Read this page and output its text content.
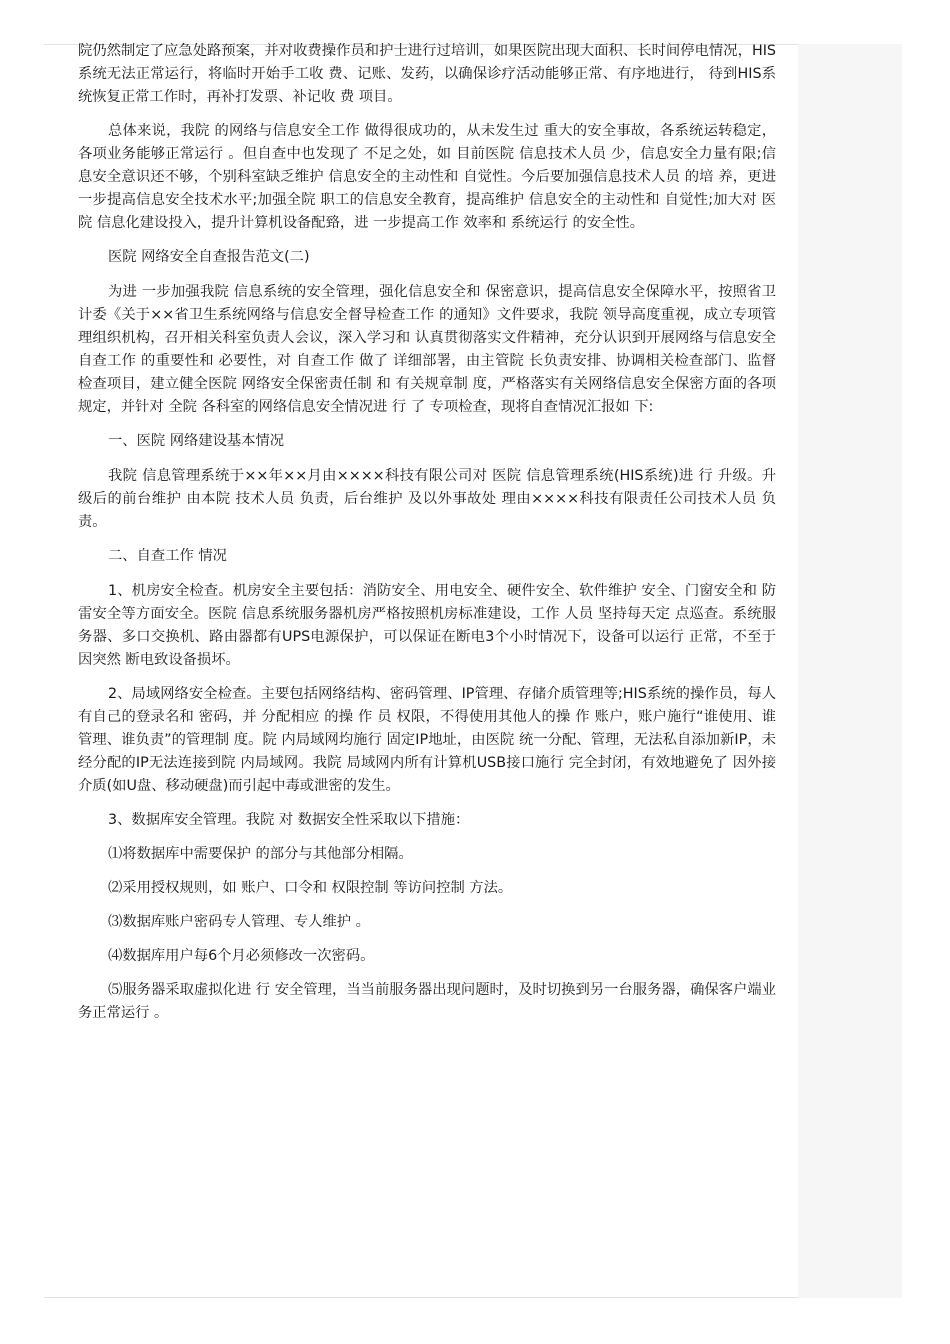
院仍然制定了应急处路预案，并对收费操作员和护士进行过培训，如果医院出现大面积、长时间停电情况，HIS系统无法正常运行，将临时开始手工收 费、记账、发药，以确保诊疗活动能够正常、有序地进行， 待到HIS系统恢复正常工作时，再补打发票、补记收 费 项目。

总体来说，我院 的网络与信息安全工作 做得很成功的，从未发生过 重大的安全事故，各系统运转稳定，各项业务能够正常运行 。但自查中也发现了 不足之处，如 目前医院 信息技术人员 少，信息安全力量有限;信息安全意识还不够，个别科室缺乏维护 信息安全的主动性和 自觉性。今后要加强信息技术人员 的培 养，更进 一步提高信息安全技术水平;加强全院 职工的信息安全教育，提高维护 信息安全的主动性和 自觉性;加大对 医院 信息化建设投入，提升计算机设备配臵，进 一步提高工作 效率和 系统运行 的安全性。

医院 网络安全自查报告范文(二)

为进 一步加强我院 信息系统的安全管理，强化信息安全和 保密意识，提高信息安全保障水平，按照省卫计委《关于××省卫生系统网络与信息安全督导检查工作 的通知》文件要求，我院 领导高度重视，成立专项管理组织机构，召开相关科室负责人会议，深入学习和 认真贯彻落实文件精神，充分认识到开展网络与信息安全自查工作 的重要性和 必要性，对 自查工作 做了 详细部署，由主管院 长负责安排、协调相关检查部门、监督检查项目，建立健全医院 网络安全保密责任制 和 有关规章制 度，严格落实有关网络信息安全保密方面的各项规定，并针对 全院 各科室的网络信息安全情况进 行 了 专项检查，现将自查情况汇报如 下:

一、医院 网络建设基本情况

我院 信息管理系统于××年××月由××××科技有限公司对 医院 信息管理系统(HIS系统)进 行 升级。升级后的前台维护 由本院 技术人员 负责，后台维护 及以外事故处 理由××××科技有限责任公司技术人员 负责。

二、自查工作 情况

1、机房安全检查。机房安全主要包括：消防安全、用电安全、硬件安全、软件维护 安全、门窗安全和 防雷安全等方面安全。医院 信息系统服务器机房严格按照机房标准建设，工作 人员 坚持每天定 点巡查。系统服务器、多口交换机、路由器都有UPS电源保护，可以保证在断电3个小时情况下，设备可以运行 正常，不至于因突然 断电致设备损坏。

2、局域网络安全检查。主要包括网络结构、密码管理、IP管理、存储介质管理等;HIS系统的操作员，每人有自己的登录名和 密码，并 分配相应 的操 作 员 权限，不得使用其他人的操 作 账户，账户施行“谁使用、谁管理、谁负责”的管理制 度。院 内局域网均施行 固定IP地址，由医院 统一分配、管理，无法私自添加新IP，未经分配的IP无法连接到院 内局域网。我院 局域网内所有计算机USB接口施行 完全封闭，有效地避免了 因外接介质(如U盘、移动硬盘)而引起中毒或泄密的发生。

3、数据库安全管理。我院 对 数据安全性采取以下措施：

⑴将数据库中需要保护 的部分与其他部分相隔。

⑵采用授权规则，如 账户、口令和 权限控制 等访问控制 方法。

⑶数据库账户密码专人管理、专人维护 。

⑷数据库用户每6个月必须修改一次密码。

⑸服务器采取虚拟化进 行 安全管理，当当前服务器出现问题时，及时切换到另一台服务器，确保客户端业务正常运行 。
